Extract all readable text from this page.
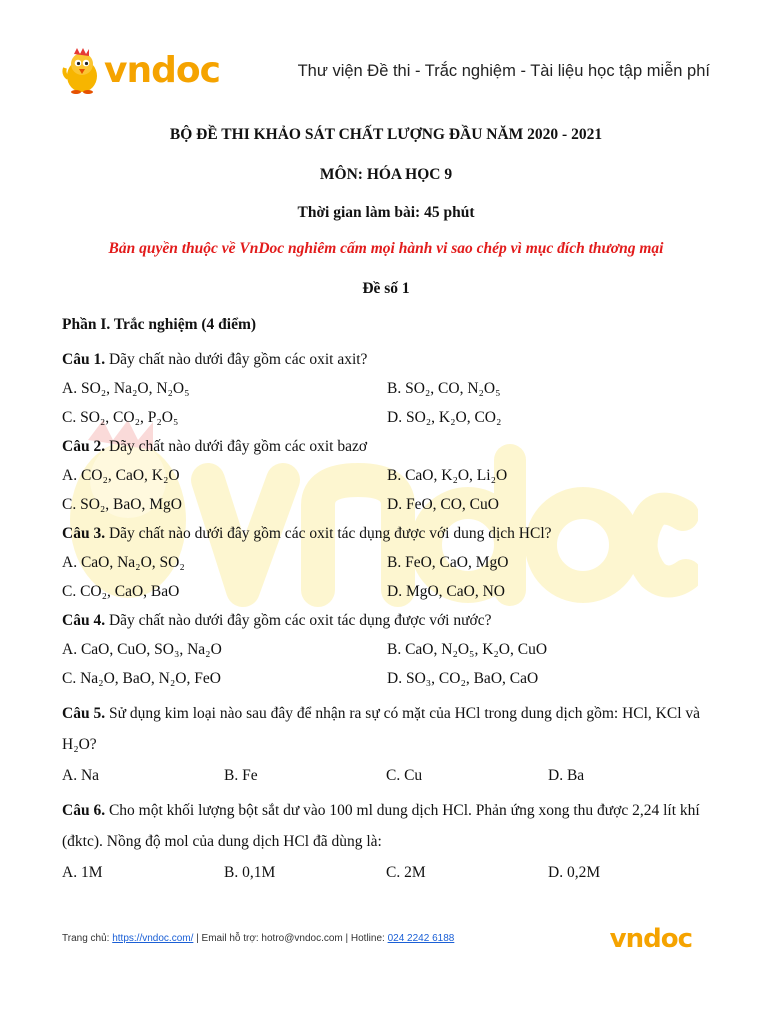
vndoc	Thư viện Đề thi - Trắc nghiệm - Tài liệu học tập miễn phí

BỘ ĐỀ THI KHẢO SÁT CHẤT LƯỢNG ĐẦU NĂM 2020 - 2021

MÔN: HÓA HỌC 9

Thời gian làm bài: 45 phút

Bản quyền thuộc về VnDoc nghiêm cấm mọi hành vi sao chép vì mục đích thương mại

Đề số 1

Phần I. Trắc nghiệm (4 điểm)

Câu 1. Dãy chất nào dưới đây gồm các oxit axit?

A. SO₂, Na₂O, N₂O₅	B. SO₂, CO, N₂O₅
C. SO₂, CO₂, P₂O₅	D. SO₂, K₂O, CO₂

Câu 2. Dãy chất nào dưới đây gồm các oxit bazơ

A. CO₂, CaO, K₂O	B. CaO, K₂O, Li₂O
C. SO₂, BaO, MgO	D. FeO, CO, CuO

Câu 3. Dãy chất nào dưới đây gồm các oxit tác dụng được với dung dịch HCl?

A. CaO, Na₂O, SO₂	B. FeO, CaO, MgO
C. CO₂, CaO, BaO	D. MgO, CaO, NO

Câu 4. Dãy chất nào dưới đây gồm các oxit tác dụng được với nước?

A. CaO, CuO, SO₃, Na₂O	B. CaO, N₂O₅, K₂O, CuO
C. Na₂O, BaO, N₂O, FeO	D. SO₃, CO₂, BaO, CaO

Câu 5. Sử dụng kim loại nào sau đây để nhận ra sự có mặt của HCl trong dung dịch gồm: HCl, KCl và H₂O?

A. Na	B. Fe	C. Cu	D. Ba

Câu 6. Cho một khối lượng bột sắt dư vào 100 ml dung dịch HCl. Phản ứng xong thu được 2,24 lít khí (đktc). Nồng độ mol của dung dịch HCl đã dùng là:

A. 1M	B. 0,1M	C. 2M	D. 0,2M
Trang chủ: https://vndoc.com/ | Email hỗ trợ: hotro@vndoc.com | Hotline: 024 2242 6188	vndoc
